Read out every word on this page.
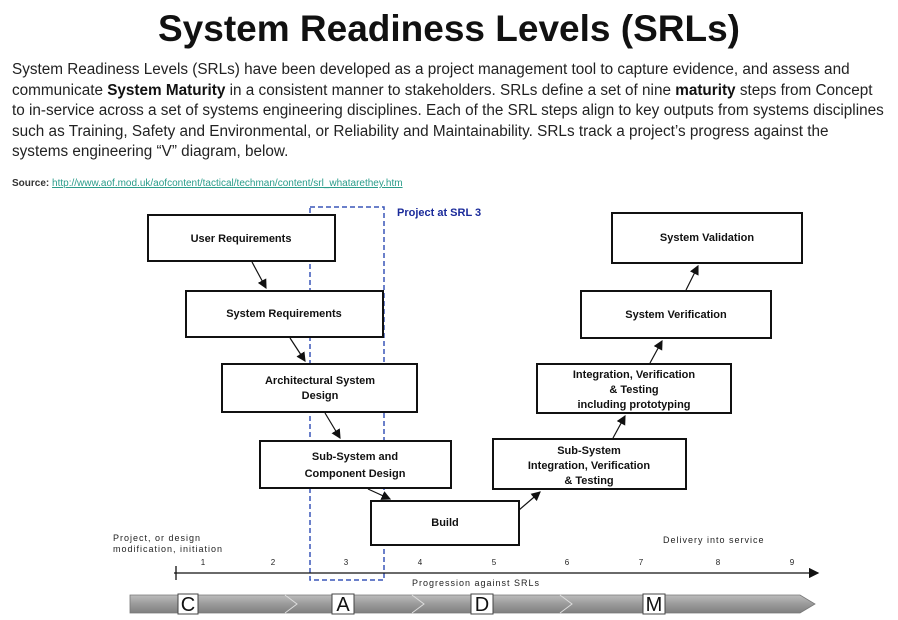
System Readiness Levels (SRLs)
System Readiness Levels (SRLs) have been developed as a project management tool to capture evidence, and assess and communicate System Maturity in a consistent manner to stakeholders. SRLs define a set of nine maturity steps from Concept to in-service across a set of systems engineering disciplines. Each of the SRL steps align to key outputs from systems disciplines such as Training, Safety and Environmental, or Reliability and Maintainability. SRLs track a project’s progress against the systems engineering “V” diagram, below.
Source: http://www.aof.mod.uk/aofcontent/tactical/techman/content/srl_whatarethey.htm
Project at SRL 3
User Requirements
System Requirements
Architectural System
Design
Sub-System and
Component Design
Build
Sub-System
Integration, Verification
& Testing
Integration, Verification
& Testing
including prototyping
System Verification
System Validation
Project, or design
modification, initiation
Delivery into service
1	2	3	4	5	6	7	8	9
Progression against SRLs
C	A	D	M
